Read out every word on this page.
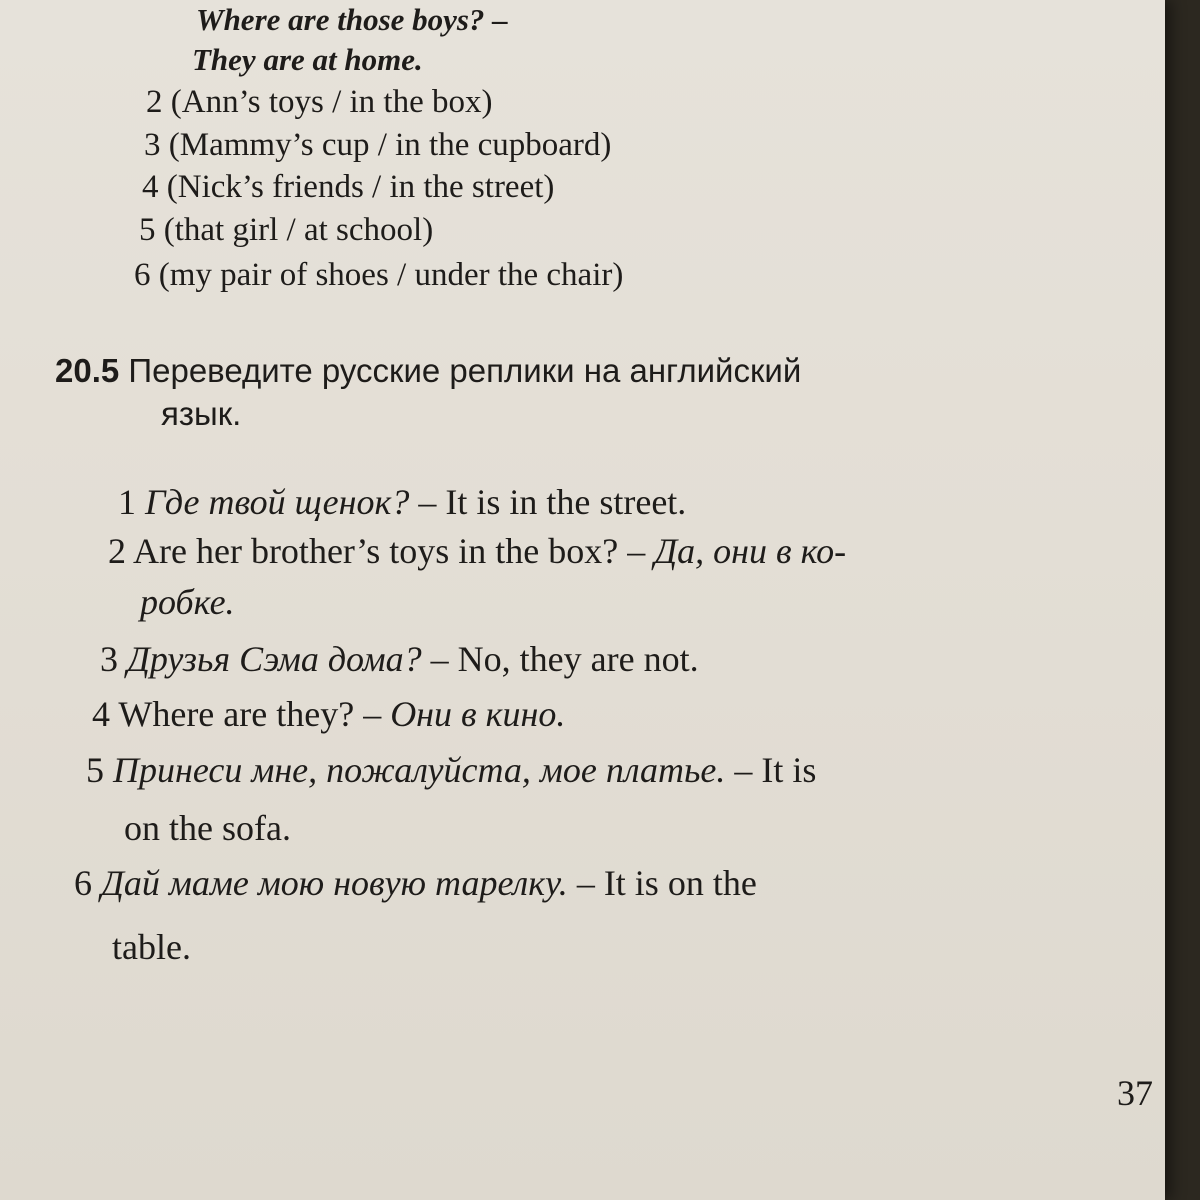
Where are those boys? –
They are at home.
2 (Ann’s toys / in the box)
3 (Mammy’s cup / in the cupboard)
4 (Nick’s friends / in the street)
5 (that girl / at school)
6 (my pair of shoes / under the chair)
20.5 Переведите русские реплики на английский
язык.
1 Где твой щенок? – It is in the street.
2 Are her brother’s toys in the box? – Да, они в ко-
робке.
3 Друзья Сэма дома? – No, they are not.
4 Where are they? – Они в кино.
5 Принеси мне, пожалуйста, мое платье. – It is
on the sofa.
6 Дай маме мою новую тарелку. – It is on the
table.
37
